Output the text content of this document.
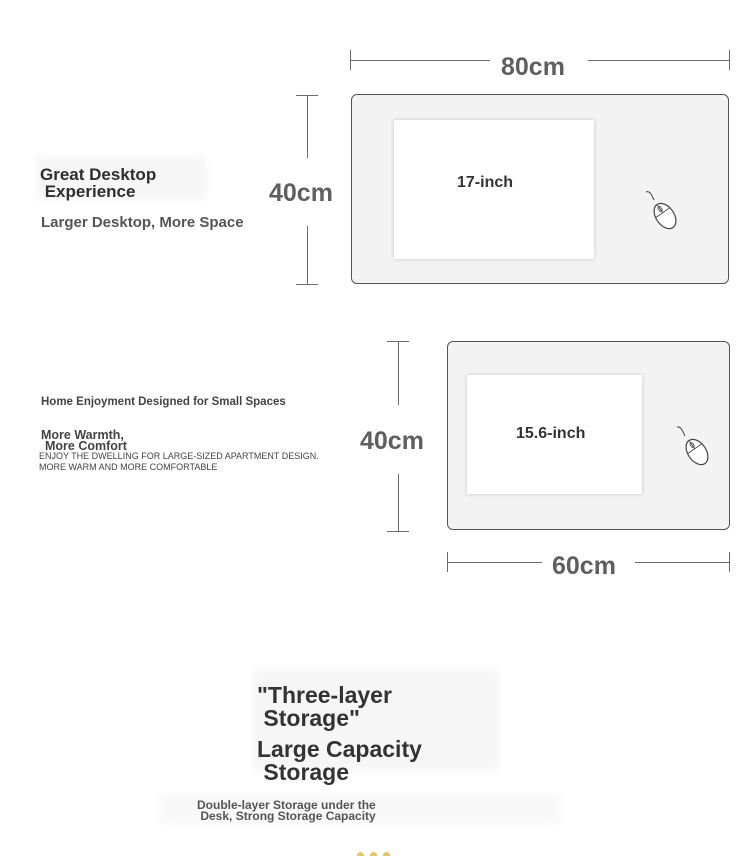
80cm
40cm	17-inch
Great Desktop
Experience
Larger Desktop, More Space
40cm	15.6-inch
60cm
Home Enjoyment Designed for Small Spaces
More Warmth,
More Comfort
ENJOY THE DWELLING FOR LARGE-SIZED APARTMENT DESIGN.
MORE WARM AND MORE COMFORTABLE
"Three-layer
Storage"
Large Capacity
Storage
Double-layer Storage under the
Desk, Strong Storage Capacity
